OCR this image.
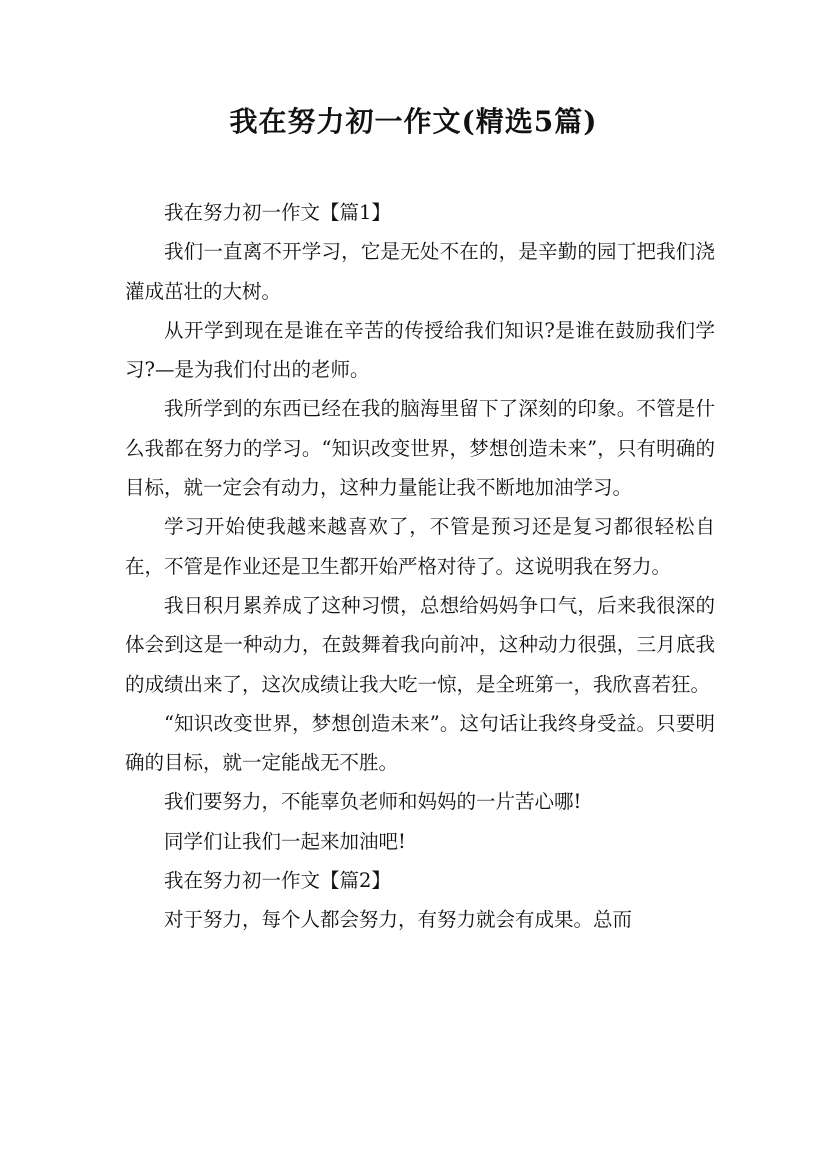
我在努力初一作文(精选5篇)

我在努力初一作文【篇1】

我们一直离不开学习，它是无处不在的，是辛勤的园丁把我们浇灌成茁壮的大树。

从开学到现在是谁在辛苦的传授给我们知识?是谁在鼓励我们学习?—是为我们付出的老师。

我所学到的东西已经在我的脑海里留下了深刻的印象。不管是什么我都在努力的学习。“知识改变世界，梦想创造未来”，只有明确的目标，就一定会有动力，这种力量能让我不断地加油学习。

学习开始使我越来越喜欢了，不管是预习还是复习都很轻松自在，不管是作业还是卫生都开始严格对待了。这说明我在努力。

我日积月累养成了这种习惯，总想给妈妈争口气，后来我很深的体会到这是一种动力，在鼓舞着我向前冲，这种动力很强，三月底我的成绩出来了，这次成绩让我大吃一惊，是全班第一，我欣喜若狂。

“知识改变世界，梦想创造未来”。这句话让我终身受益。只要明确的目标，就一定能战无不胜。

我们要努力，不能辜负老师和妈妈的一片苦心哪!

同学们让我们一起来加油吧!

我在努力初一作文【篇2】

对于努力，每个人都会努力，有努力就会有成果。总而
